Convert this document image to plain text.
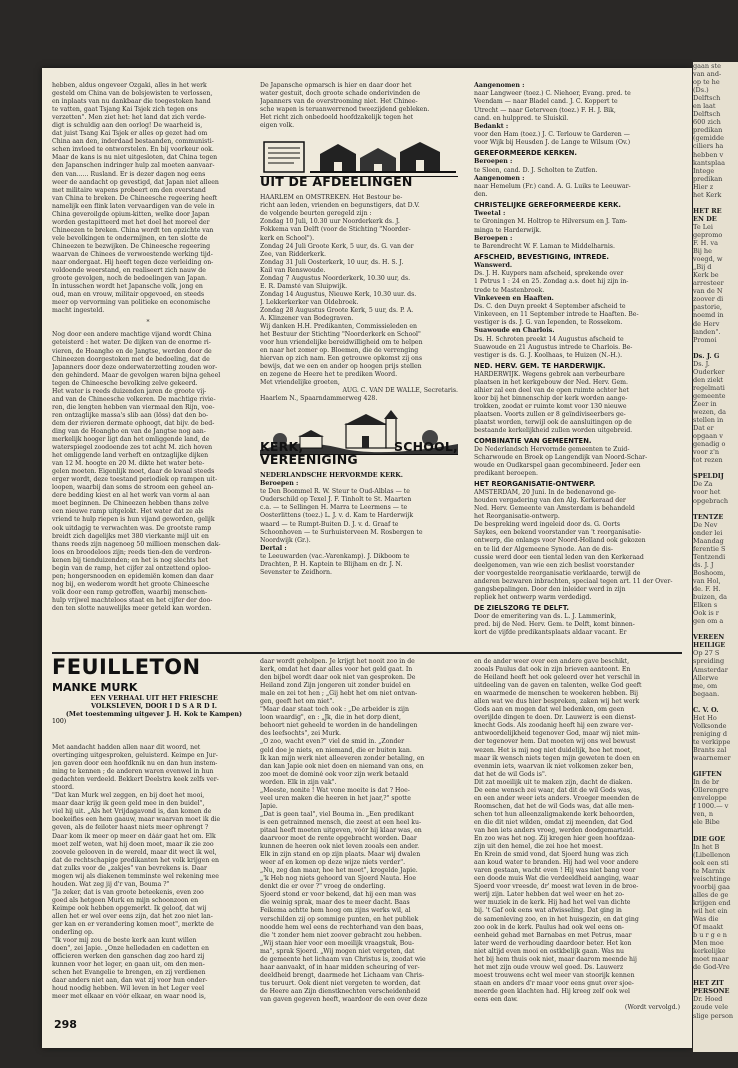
hebben, aldus ongeveer Ozgaki, alles in het werk
gesteld om China van de bolsjewisten te verlossen,
en inplaats van nu dankbaar die toegestoken hand
te vatten, gaat Tsjang Kai Tsjek zich tegen ons
verzetten". Men ziet het: het land dat zich verde-
digt is schuldig aan den oorlog! De waarheid is,
dat juist Tsang Kai Tsjek er alles op gezet had om
China aan den, inderdaad bestaanden, communisti-
schen invloed te ontworstelen. En bij voorkeur ook.
Maar de kans is nu niet uitgesloten, dat China tegen
den Japanschen indringer hulp zal moeten aanvaar-
den van...... Rusland. Er is dezer dagen nog eens
weer de aandacht op gevestigd, dat Japan niet alleen
met militaire wapens probeert om den overstand
van China te breken. De Chineesche regeering heeft
namelijk een flink laten vervaardigen van de vele in
China geveroilgde opium-kitten, welke door Japan
worden gestapitteerd met het doel het moreel der
Chineezen te breken. China wordt ten opzichte van
vele bevolkingen te ondermijnen, en ten slotte de
Chineezen te bezwijken. De Chineesche regeering
waarvan de Chinees de verwoestende werking tijd-
naar ondergaat. Hij heeft tegen deze verleiding on-
voldoende weerstand, en realiseert zich nauw de
groote gevolgen, noch de bedoelingen van Japan.
In intusschen wordt het Japansche volk, jong en
oud, man en vrouw, militair opgevoed, en steeds
meer op vervorming van politieke en economische
macht ingesteld.
*
Nog door een andere machtige vijand wordt China
geteisterd : het water. De dijken van de enorme ri-
vieren, de Hoangho en de Jangtse, werden door de
Chineezen doorgestoken met de bedoeling, dat de
Japanners door deze onderwaterzetting zouden wor-
den gehinderd. Maar de gevolgen waren bijna geheel
tegen de Chineesche bevolking zelve gekeerd.
Het water is reeds duizenden jaren de groote vij-
and van de Chineesche volkeren. De machtige rivie-
ren, die lengten hebben van viermaal den Rijn, voe-
ren ontzaglijke massa's slib aan (löss) dat den bo-
dem der rivieren dermate ophoogt, dat bijv. de bed-
ding van de Hoangho en van de Jangtse nog aan-
merkelijk hooger ligt dan het omliggende land, de
waterspiegel zoodoende zes tot acht M. zich hoven
het omliggende land verheft en ontzaglijke dijken
van 12 M. hoogte en 20 M. dikte het water bete-
gelen moeten. Eigenlijk moet, daar de kwaal steeds
erger wordt, deze toestand periodiek op rampen uit-
loopen, waarbij dan soms de stroom een geheel an-
dere bedding kiest en al het werk van vorm al aan
moet beginnen. De Chineezen hebben thans zelve
een nieuwe ramp uitgelokt. Het water dat ze als
vriend te hulp riepen is hun vijand geworden, gelijk
ook uitdagig te verwachten was. De grootste ramp
breidt zich dagelijks met 380 vierkante mijl uit en
thans reeds zijn nagenoeg 50 millioen menschen dak-
loos en broodeloos zijn; reeds tien-den de verdron-
kenen bij tienduizenden; en het is nog slechts het
begin van de ramp, het cijfer zal ontzettend oploo-
pen; hongersnooden en epidemiën komen dan daar
nog bij, en wederom wordt het groote Chineesche
volk door een ramp getroffen, waarbij menschen-
hulp vrijwel machteloos staat en het cijfer der doo-
den ten slotte nauwelijks meer geteld kan worden.
De Japansche opmarsch is hier en daar door het
water gestuit, doch groote schade onderivinden de
Japanners van de overstrooming niet. Het Chinee-
sche wapen is teruanwerrenod tweezijdend gebleken.
Het richt zich onbedoeld hoofdzakelijk tegen het
eigen volk.
UIT DE AFDEELINGEN
HAARLEM en OMSTREKEN. Het Bestour be-
richt aan leden, vrienden en begunstigers, dat D.V.
de volgende beurten geregeld zijn :
Zondag 10 Juli, 10.30 uur Noorderkerk ds. J.
Fokkema van Delft (voor de Stichting "Noorder-
kerk en School").
Zondag 24 Juli Groote Kerk, 5 uur, ds. G. van der
Zee, van Ridderkerk.
Zondag 31 Juli Oosterkerk, 10 uur, ds. H. S. J.
Kail van Renswoude.
Zondag 7 Augustus Noorderkerk, 10.30 uur, ds.
E. R. Damsté van Sluipwijk.
Zondag 14 Augustus, Nieuwe Kerk, 10.30 uur. ds.
J. Lekkerkerker van Oldebroek.
Zondag 28 Augustus Groote Kerk, 5 uur, ds. P. A.
A. Klinzener van Bodegraven.
Wij danken H.H. Predikanten, Commissieleden en
het Bestuur der Stichting "Noorderkerk en School"
voor hun vriendelijke bereidwilligheid om te helpen
en naar het zomer op. Bloemen, die de verrenging
hiervan op zich nam. Een getrouwe opkomst zij ons
bewijs, dat we een en ander op hoogen prijs stellen
en zegene de Heere het te prediken Woord.
Met vriendelijke groeten,
AUG. C. VAN DE WALLE, Secretaris.
Haarlem N., Spaarndammerweg 428.
KERK, SCHOOL, VEREENIGING
NEDERLANDSCHE HERVORMDE KERK.
Beroepen :
te Den Boommel R. W. Steur te Oud-Alblas — te
Ouderschild op Texel J. F. Tinholt te St. Maarten
c.a. — te Sellingen H. Marra te Leermens — te
Oosterlittens (toez.) L. J. v. d. Kam te Harderwijk
waard — te Rumpt-Buiten D. J. v. d. Graaf te
Schoonhoven — te Surhuisterveen M. Rosbergen te
Noordwijk (Gr.).
Dertal :
te Leeuwarden (vac.-Varenkamp). J. Dikboom te
Drachten, P. H. Kaptein te Blijham en dr. J. N.
Sevenster te Zeidhorn.
Aangenomen :
naar Langweer (toez.) C. Niehoer, Evang. pred. te
Veendam — naar Bladel cand. J. C. Koppert te
Utrecht — naar Geterveen (toez.) F. H. J. Bik,
cand. en hulppred. te Sluiskil.
Bedankt :
voor den Ham (toez.) J. C. Terlouw te Garderen —
voor Wijk bij Heusden J. de Lange te Wilsum (Ov.)
GEREFORMEERDE KERKEN.
Beroepen :
te Sleen, cand. D. J. Scholten te Zutfen.
Aangenomen :
naar Hemelum (Fr.) cand. A. G. Luiks te Leeuwar-
den.
CHRISTELIJKE GEREFORMEERDE KERK.
Tweetal :
te Groningen M. Holtrop te Hilversum en J. Tam-
minga te Harderwijk.
Beroepen :
te Barendrecht W. F. Laman te Middelharnis.
AFSCHEID, BEVESTIGING, INTREDE.
Wanswerd.
Ds. J. H. Kuypers nam afscheid, sprekende over
1 Petrus 1 : 24 en 25. Zondag a.s. doet hij zijn in-
trede te Mastenbroek.
Vinkeveen en Haaften.
Ds. C. den Duyn preekt 4 September afscheid te
Vinkeveen, en 11 September intrede te Haaften. Be-
vestiger is ds. J. G. van Iependen, te Rossekom.
Suawoude en Charlois.
Ds. H. Schroten preekt 14 Augustus afscheid te
Suawoude en 21 Augustus intrede te Charlois. Be-
vestiger is ds. G. J. Koolhaas, te Huizen (N.-H.).
NED. HERV. GEM. TE HARDERWIJK.
HARDERWIJK. Wegens gebrek aan verbeurbare
plaatsen in het kerkgebouw der Ned. Herv. Gem.
alhier zal een deel van de open ruimte achter het
koor bij het binnenschip der kerk worden aange-
trokken, zoodat er ruimte komt voor 130 nieuwe
plaatsen. Voorts zullen er 8 geïndiviseerbers ge-
plaatst worden, terwijl ook de aansluitingen op de
bestaande kerkelijkheid zullen worden uitgebreid.
COMBINATIE VAN GEMEENTEN.
De Nederlandsch Hervormde gemeenten te Zuid-
Scharwoude en Broek op Langendijk van Noord-Schar-
woude en Oudkarspel gaan gecombineerd. Jeder een
predikant beroepen.
HET REORGANISATIE-ONTWERP.
AMSTERDAM, 20 Juni. In de bedenavond ge-
houden vergadering van den Alg. Kerkeraad der
Ned. Herv. Gemeente van Amsterdam is behandeld
het Reorganisatie-ontwerp.
De bespreking werd ingeleid door ds. G. Oorts
Saykes, een bekend voorstander van 't reorganisatie-
ontwerp, die onlangs voor Noord-Holland ook gekozen
en te lid der Algemeene Synode. Aan de dis-
cussie werd door een tiental leden van den Kerkeraad
deelgenomen, van wie een zich beslist voorstander
der voorgestelde reorganisatie verklaarde, terwijl de
anderen bezwaren inbrachten, speciaal tegen art. 11 der Over-
gangsbepalingen. Door den inleider werd in zijn
repliek het ontwerp warm verdedigd.
DE ZIELSZORG TE DELFT.
Door de emeritering van ds. L. J. Lammerink,
pred. bij de Ned. Herv. Gem. te Delft, komt binnen-
kort de vijfde predikantsplaats aldaar vacant. Er
FEUILLETON
MANKE MURK
EEN VERHAAL UIT HET FRIESCHE
VOLKSLEVEN, DOOR I D S A R D I.
(Met toestemming uitgever J. H. Kok te Kampen)
100)
Met aandacht hadden allen naar dit woord, net
overtinging uitgesproken, geluisterd. Keimpe en Jur-
jen gaven door een hoofdknik nu en dan hun instem-
ming te kennen ; de anderen waren evenwel in hun
gedachten verdeeld. Bekkert Deelstra keek zelfs ver-
stoord.
"Dat kan Murk wel zeggen, en bij doet het mooi,
maar daar krijg ik geen geld mee in den buidel",
viel hij uit. „Als het Vrijdagavond is, dan komen de
boekeifies een hem gaauw, maar waarvan moet ik die
geven, als de feiloter haast niets meer ophrengt ?
Daar kom ik meer op meer en dáár gaat het om. Elk
moet zelf weten, wat hij doen moet, maar ik zie zoo
zoovele gelooven in de wereld, maar dit wect ik wel,
dat de rechtschapige predikanten het volk krijgen en
dat zulks voor de „zakjes" van bevrekens is. Daar
mogen wij als diakenen temminste wel rekening mee
houden. Wat zeg jij d'r van, Bouma ?"
"Ja zeker, dat is van groote beteekenis, even zoo
goed als hetgeen Murk en mijn schoonzoon en
Keimpe ook hebben opgemerkt. Ik geloof, dat wij
allen het er wel over eens zijn, dat het zoo niet lan-
ger kan en er verandering komen moet", merkte de
onderling op.
"Ik voor mij zou de beste kerk aan kunt willen
doen", zei Japie. „Onze helledaden en cadetten en
officieren werken den ganschen dag zoo hard zij
kunnen voor het leger, en gaan uit, om den men-
schen het Evangelie te brengen, en zij verdienen
daar anders niet aan, dan wat zij voor hun onder-
houd noodig hebben. Wil leven in het Leger veel
meer met elkaar en vóór elkaar, en waar nood is,
daar wordt geholpen. Je krijgt het nooit zoo in de
kerk, omdat het daar alles voor het geld gaat. In
den bijbel wordt daar ook niet van gesproken. De
Heiland zond Zijn jongeren uit zonder buidel en
male en zei tot hen ; „Gij hebt het om niet ontvan-
gen, geeft het om niet".
"Maar daar staat toch ook : „De arbeider is zijn
loon waardig", en : „Jk, die in het dorp dient,
behoort niet geheeld te worden in de handelingen
des leefsochts", zei Murk.
„O zoo, wacht even?" viel de smid in. „Zonder
geld doe je niets, en niemand, die er buiten kan.
Ik kan mijn werk niet alleeveren zonder betaling, en
dan kan Japie ook niet doen en niemand van ons, en
zoo moet de dominé ook voor zijn werk betaald
worden. Elk in zijn vak".
„Meeste, nonite ! Wat vone moeite is dat ? Hoe-
veel uren maken die heeren in het jaar,?" spotte
Japie.
„Dat is geen taal", viel Bouma in. „Een predikant
is een getrainned mensch, die zeest at een heel ku-
pitaal heeft moeten uitgeven, vóór hij klaar was, en
daarvoor moet de rente opgebracht worden. Daar
kunnen de heeren ook niet leven zooals een ander.
Elk in zijn stand en op zijn plaats. Maar wij dwalen
weer af en komen op deze wijze niets verder".
„Nu, zeg dan maar, hoe het moet", krogelde Japie.
„'k Heb nog niets gehoord van Sjoerd Nauta. Hoe
denkt die er over ?" vroeg de onderling.
Sjoerd stond er voor bekend, dat hij een man was
die weinig sprak, maar des te meer dacht. Baas
Feikema achtte hem hoog om zijns werks wil, al
verschilden zij op sommige punten, en het publiek
noodde hem wel eens de rechterhand van den baas,
die 't zonder hem niet zoover gebracht zou hebben.
„Wij staan hier voor een moeilijk vraagstuk, Bou-
ma", sprak Sjoerd. „Wij mogen niet vergeten, dat
de gemeente het lichaam van Christus is, zoodat wie
haar aanvaakt, of in haar midden scheuring of ver-
deeldheid brengt, daarmede het Lichaam van Chris-
tus teruurt. Ook dient niet vergeten te worden, dat
de Heere aan Zijn dienstknechten verscheidenheid
van gaven gegeven heeft, waardoor de een over deze
en de ander weer over een andere gave beschikt,
zooals Paulus dat ook in zijn brieven aantoont. En
de Heiland heeft het ook geleerd over het verschil in
uitdeeling van de gaven en talenten, welke God geeft
en waarmede de menschen te woekeren hebben. Bij
allen wat we dus hier bespreken, zaken wij het werk
Gods aan en mogen dat wel bedenken, om geen
overijlde dingen te doen. Dr. Lauwerz is een dienst-
knecht Gods. Als zoodanig heeft hij een zware ver-
antwoordelijkheid tegenover God, maar wij niet min-
der tegenover hem. Dat moeten wij ons wel bewust
wezen. Het is mij nog niet duidelijk, hoe het moet,
maar ik wensch niets tegen mijn geweten te doen en
evenmin iets, waarvan ik niet volkomen zeker ben,
dat het de wil Gods is".
Dit zat moeilijk uit te maken zijn, dacht de diaken.
De eene wensch zei waar, dat dit de wil Gods was,
en een ander weer iets anders. Vroeger meenden de
Roomschen, dat het de wil Gods was, dat alle men-
schen tot hun alleenzaligmakende kerk behoorden,
en die dit niet wilden, omdat zij meenden, dat God
van hen iets anders vroeg, werden doodgemarteld.
En zoo was het nog. Zij kregen hier geen hoofdzaa-
zijn uit den hemel, die zei hoe het moest.
En Krein de smid vond, dat Sjoerd hung was zich
aan koud water te branden. Hij had wel voor andere
varen gestaan, wacht even ! Hij was niet bang voor
een doode muis Wat die verdeeldheid aanging, waar
Sjoerd voor vreesde, dr' moest wat leven in de broe-
werij zijn. Later hebben dat wel weer en het zo-
wer muziek in de kerk. Hij had het wel van dichte
bij. 't Gaf ook eens wat afwisseling. Dat ging in
de samenleving zoo, en in het huisgezin, en dat ging
zoo ook in de kerk. Paulus had ook wel eens on-
eenheid gehad met Barnabas en met Petrus, maar
later werd de verhouding daardoor beter. Het kon
niet altijd even mooi en ostkbelijk gaan. Was nu
het bij hem thuis ook niet, maar daarom meende hij
het met zijn oude vrouw wel goed. Ds. Lauwerz
moest trouwens echt wel meer van stoorijk kennen
staan en anders d'r maar voor eens gnut over sjoe-
meerde geen klachten had. Hij kreeg zelf ook wel
eens een daw.
(Wordt vervolgd.)
298
gaan ste
van and-
op te he
(Ds.)
Delftsch
en laat
Delftsch
600 zich
predikan
(gemidde
ciliers ha
hebben v
kantsplaa
Intege
predikan
Hier z
het Kerk
HET RE
EN DE
Te Lei
gepromo
F. H. va
Bij he
voegd, w
„Bij d
Kerk be
arresteer
van de N
zoover di
pastorie,
noemd in
de Herv
landen".
Promoi
Ds. J. G
Ds. J.
Ouderker
den ziekt
regelmati
gemeente
Zeer in
wezen, da
stellen in
Dat er
opgaan v
genadig o
voor z'n
tot rezen
SPELDIJ
De Za
voor het
opgebrach
TENTZE
De Nev
onder lei
Maandag
ferentie S
Tentzendi
ds. J. J
Boshoom,
van Hol,
de. F. H.
buizen, da
Elken s
Ook is r
gen om a
VEREEN
HEILIGE
Op 27 S
spreiding
Amsterdar
Allerwe
me, om
begaan.
C. V. O.
Het Ho
Volksonde
reniging d
te verkippe
Brants zal
waarnemer
GIFTEN
In de br
Ollerengre
enveloppe
f 1000.— v
ven, n
ele Bibe
DIE GOE
In het B
(Libellenon
ook een sti
te Marnix
veischtinge
voorbij gaa
alles de ge
krijgen end
wil het ein
Was die
Of maakt
b u r g e n
Men moe
kerkelijke
moet maar
de God-Vre
HET ZIT
PERSONE
Dr. Hoed
zoude vele
slige person
